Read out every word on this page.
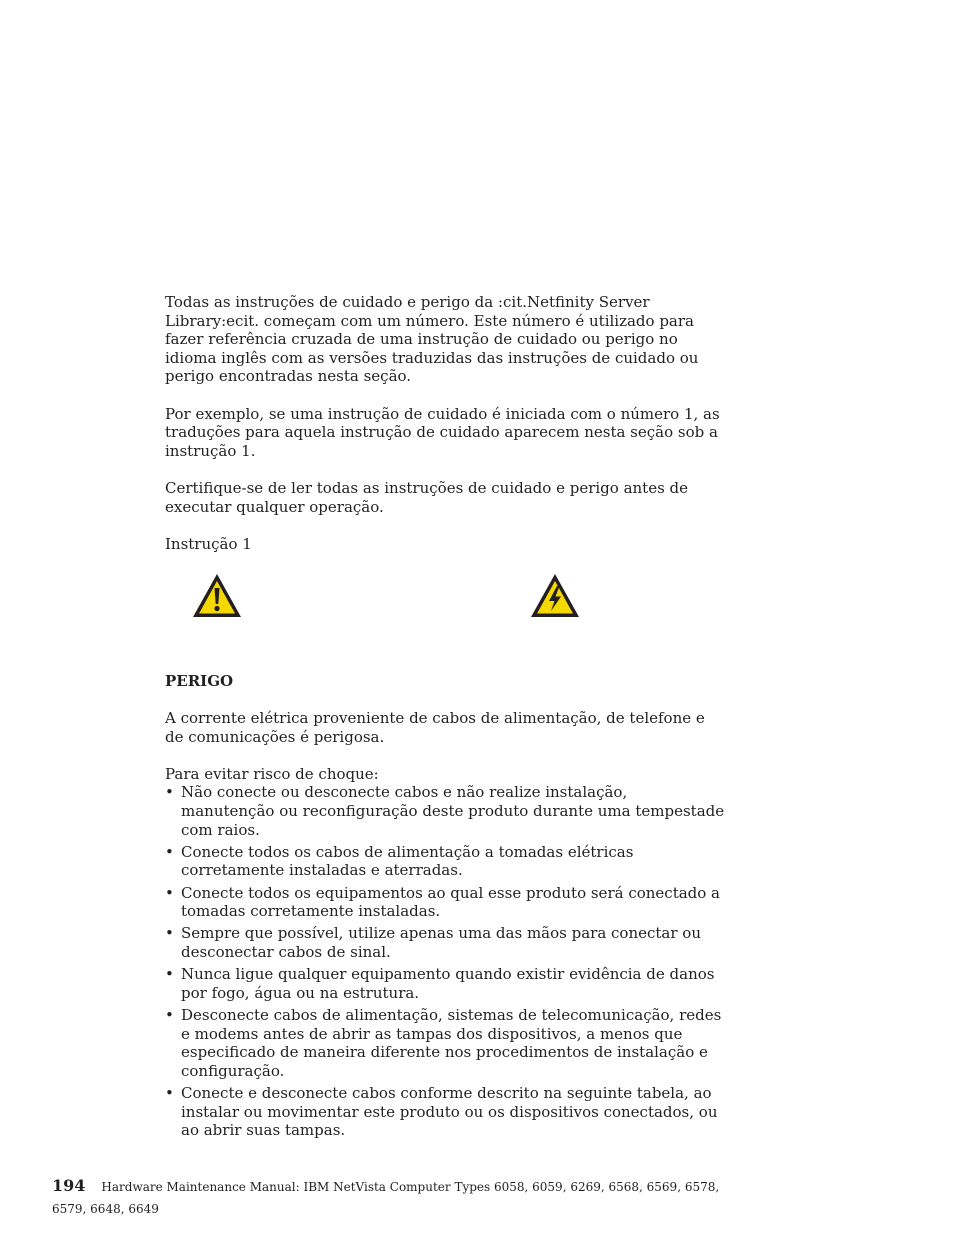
Todas as instruções de cuidado e perigo da :cit.Netfinity Server Library:ecit. começam com um número. Este número é utilizado para fazer referência cruzada de uma instrução de cuidado ou perigo no idioma inglês com as versões traduzidas das instruções de cuidado ou perigo encontradas nesta seção.

Por exemplo, se uma instrução de cuidado é iniciada com o número 1, as traduções para aquela instrução de cuidado aparecem nesta seção sob a instrução 1.

Certifique-se de ler todas as instruções de cuidado e perigo antes de executar qualquer operação.

Instrução 1

PERIGO

A corrente elétrica proveniente de cabos de alimentação, de telefone e de comunicações é perigosa.

Para evitar risco de choque:
• Não conecte ou desconecte cabos e não realize instalação, manutenção ou reconfiguração deste produto durante uma tempestade com raios.
• Conecte todos os cabos de alimentação a tomadas elétricas corretamente instaladas e aterradas.
• Conecte todos os equipamentos ao qual esse produto será conectado a tomadas corretamente instaladas.
• Sempre que possível, utilize apenas uma das mãos para conectar ou desconectar cabos de sinal.
• Nunca ligue qualquer equipamento quando existir evidência de danos por fogo, água ou na estrutura.
• Desconecte cabos de alimentação, sistemas de telecomunicação, redes e modems antes de abrir as tampas dos dispositivos, a menos que especificado de maneira diferente nos procedimentos de instalação e configuração.
• Conecte e desconecte cabos conforme descrito na seguinte tabela, ao instalar ou movimentar este produto ou os dispositivos conectados, ou ao abrir suas tampas.
194 Hardware Maintenance Manual: IBM NetVista Computer Types 6058, 6059, 6269, 6568, 6569, 6578, 6579, 6648, 6649
